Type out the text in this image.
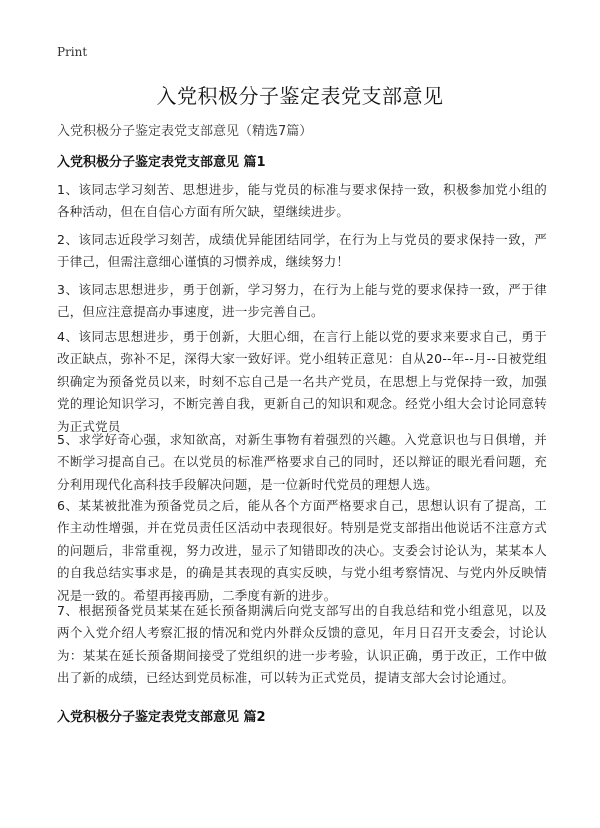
Print
入党积极分子鉴定表党支部意见
入党积极分子鉴定表党支部意见（精选7篇）
入党积极分子鉴定表党支部意见 篇1

1、该同志学习刻苦、思想进步，能与党员的标准与要求保持一致，积极参加党小组的各种活动，但在自信心方面有所欠缺，望继续进步。

2、该同志近段学习刻苦，成绩优异能团结同学，在行为上与党员的要求保持一致，严于律己，但需注意细心谨慎的习惯养成，继续努力！

3、该同志思想进步，勇于创新，学习努力，在行为上能与党的要求保持一致，严于律己，但应注意提高办事速度，进一步完善自己。

4、该同志思想进步，勇于创新，大胆心细，在言行上能以党的要求来要求自己，勇于改正缺点，弥补不足，深得大家一致好评。党小组转正意见：自从20--年--月--日被党组织确定为预备党员以来，时刻不忘自己是一名共产党员，在思想上与党保持一致，加强党的理论知识学习，不断完善自我，更新自己的知识和观念。经党小组大会讨论同意转为正式党员

5、求学好奇心强，求知欲高，对新生事物有着强烈的兴趣。入党意识也与日俱增，并不断学习提高自己。在以党员的标准严格要求自己的同时，还以辩证的眼光看问题，充分利用现代化高科技手段解决问题，是一位新时代党员的理想人选。

6、某某被批准为预备党员之后，能从各个方面严格要求自己，思想认识有了提高，工作主动性增强，并在党员责任区活动中表现很好。特别是党支部指出他说话不注意方式的问题后，非常重视，努力改进，显示了知错即改的决心。支委会讨论认为，某某本人的自我总结实事求是，的确是其表现的真实反映，与党小组考察情况、与党内外反映情况是一致的。希望再接再励，二季度有新的进步。

7、根据预备党员某某在延长预备期满后向党支部写出的自我总结和党小组意见，以及两个入党介绍人考察汇报的情况和党内外群众反馈的意见，年月日召开支委会，讨论认为：某某在延长预备期间接受了党组织的进一步考验，认识正确，勇于改正，工作中做出了新的成绩，已经达到党员标准，可以转为正式党员，提请支部大会讨论通过。

入党积极分子鉴定表党支部意见 篇2
